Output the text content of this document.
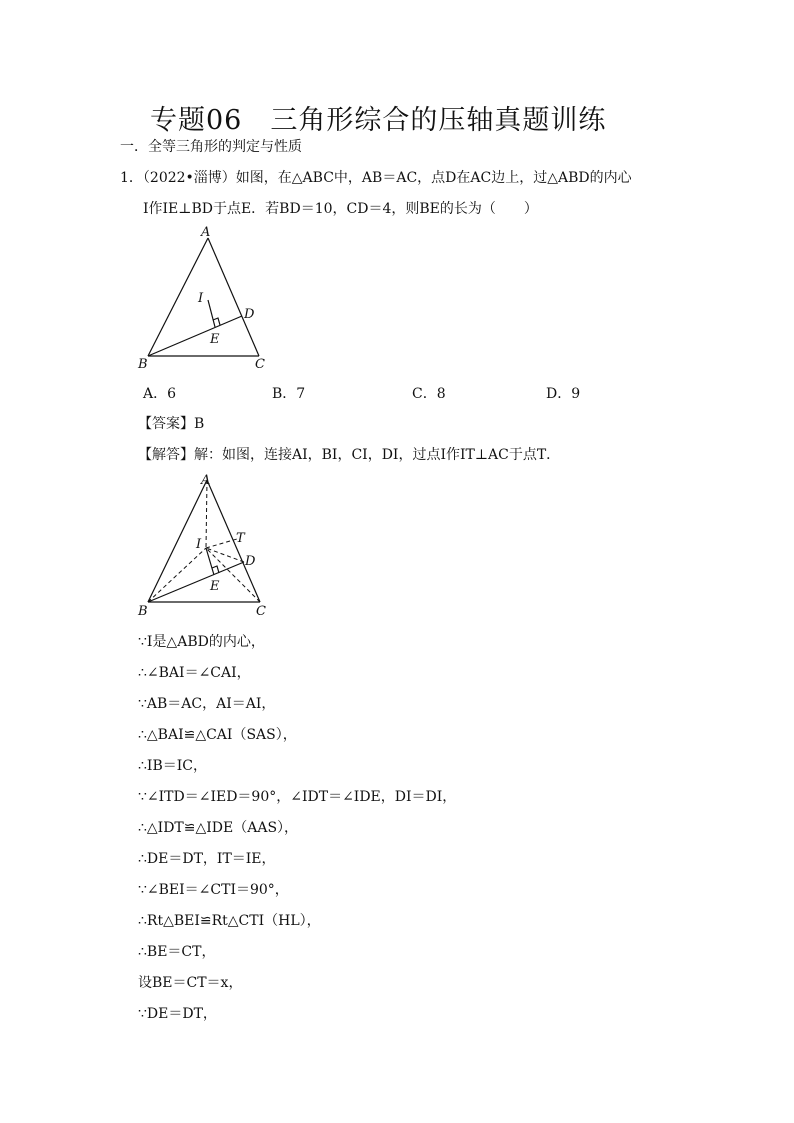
专题06　三角形综合的压轴真题训练
一．全等三角形的判定与性质
1．（2022•淄博）如图，在△ABC中，AB＝AC，点D在AC边上，过△ABD的内心
I作IE⊥BD于点E．若BD＝10，CD＝4，则BE的长为（　　）
A
B	C
D
E
I
A．6	B．7	C．8	D．9
【答案】B
【解答】解：如图，连接AI，BI，CI，DI，过点I作IT⊥AC于点T．
A
B	C
D
E
I	T
∵I是△ABD的内心，
∴∠BAI＝∠CAI，
∵AB＝AC，AI＝AI，
∴△BAI≌△CAI（SAS），
∴IB＝IC，
∵∠ITD＝∠IED＝90°，∠IDT＝∠IDE，DI＝DI，
∴△IDT≌△IDE（AAS），
∴DE＝DT，IT＝IE，
∵∠BEI＝∠CTI＝90°，
∴Rt△BEI≌Rt△CTI（HL），
∴BE＝CT，
设BE＝CT＝x，
∵DE＝DT，
